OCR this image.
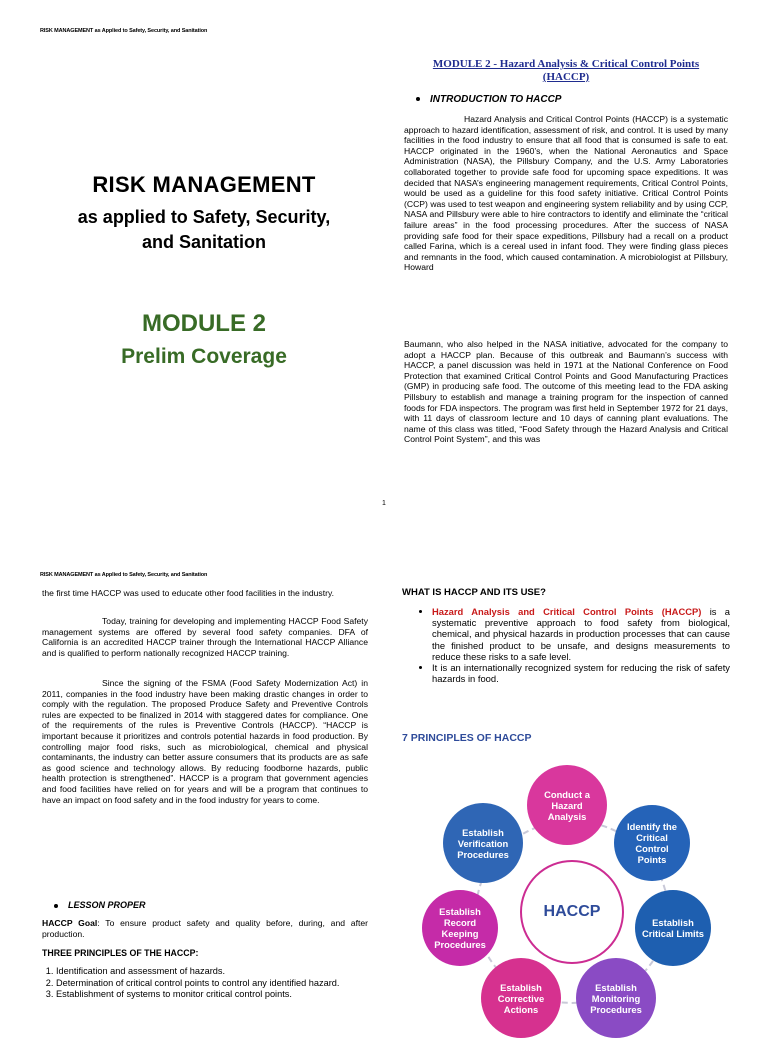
RISK MANAGEMENT as Applied to Safety, Security, and Sanitation
RISK MANAGEMENT
as applied to Safety, Security,
and Sanitation
MODULE 2
Prelim Coverage
MODULE 2 - Hazard Analysis & Critical Control Points
(HACCP)
INTRODUCTION TO HACCP
Hazard Analysis and Critical Control Points (HACCP) is a systematic approach to hazard identification, assessment of risk, and control. It is used by many facilities in the food industry to ensure that all food that is consumed is safe to eat. HACCP originated in the 1960’s, when the National Aeronautics and Space Administration (NASA), the Pillsbury Company, and the U.S. Army Laboratories collaborated together to provide safe food for upcoming space expeditions. It was decided that NASA’s engineering management requirements, Critical Control Points, would be used as a guideline for this food safety initiative. Critical Control Points (CCP) was used to test weapon and engineering system reliability and by using CCP, NASA and Pillsbury were able to hire contractors to identify and eliminate the “critical failure areas” in the food processing procedures. After the success of NASA providing safe food for their space expeditions, Pillsbury had a recall on a product called Farina, which is a cereal used in infant food. They were finding glass pieces and remnants in the food, which caused contamination. A microbiologist at Pillsbury, Howard
Baumann, who also helped in the NASA initiative, advocated for the company to adopt a HACCP plan. Because of this outbreak and Baumann’s success with HACCP, a panel discussion was held in 1971 at the National Conference on Food Protection that examined Critical Control Points and Good Manufacturing Practices (GMP) in producing safe food. The outcome of this meeting lead to the FDA asking Pillsbury to establish and manage a training program for the inspection of canned foods for FDA inspectors. The program was first held in September 1972 for 21 days, with 11 days of classroom lecture and 10 days of canning plant evaluations. The name of this class was titled, “Food Safety through the Hazard Analysis and Critical Control Point System”, and this was
1
RISK MANAGEMENT as Applied to Safety, Security, and Sanitation
the first time HACCP was used to educate other food facilities in the industry.
Today, training for developing and implementing HACCP Food Safety management systems are offered by several food safety companies. DFA of California is an accredited HACCP trainer through the International HACCP Alliance and is qualified to perform nationally recognized HACCP training.
Since the signing of the FSMA (Food Safety Modernization Act) in 2011, companies in the food industry have been making drastic changes in order to comply with the regulation. The proposed Produce Safety and Preventive Controls rules are expected to be finalized in 2014 with staggered dates for compliance. One of the requirements of the rules is Preventive Controls (HACCP). “HACCP is important because it prioritizes and controls potential hazards in food production. By controlling major food risks, such as microbiological, chemical and physical contaminants, the industry can better assure consumers that its products are as safe as good science and technology allows. By reducing foodborne hazards, public health protection is strengthened”. HACCP is a program that government agencies and food facilities have relied on for years and will be a program that continues to have an impact on food safety and in the food industry for years to come.
LESSON PROPER
HACCP Goal: To ensure product safety and quality before, during, and after production.
THREE PRINCIPLES OF THE HACCP:
1. Identification and assessment of hazards.
2. Determination of critical control points to control any identified hazard.
3. Establishment of systems to monitor critical control points.
WHAT IS HACCP AND ITS USE?
• Hazard Analysis and Critical Control Points (HACCP) is a systematic preventive approach to food safety from biological, chemical, and physical hazards in production processes that can cause the finished product to be unsafe, and designs measurements to reduce these risks to a safe level.
• It is an internationally recognized system for reducing the risk of safety hazards in food.
7 PRINCIPLES OF HACCP
HACCP
Conduct a Hazard Analysis
Identify the Critical Control Points
Establish Critical Limits
Establish Monitoring Procedures
Establish Corrective Actions
Establish Record Keeping Procedures
Establish Verification Procedures
